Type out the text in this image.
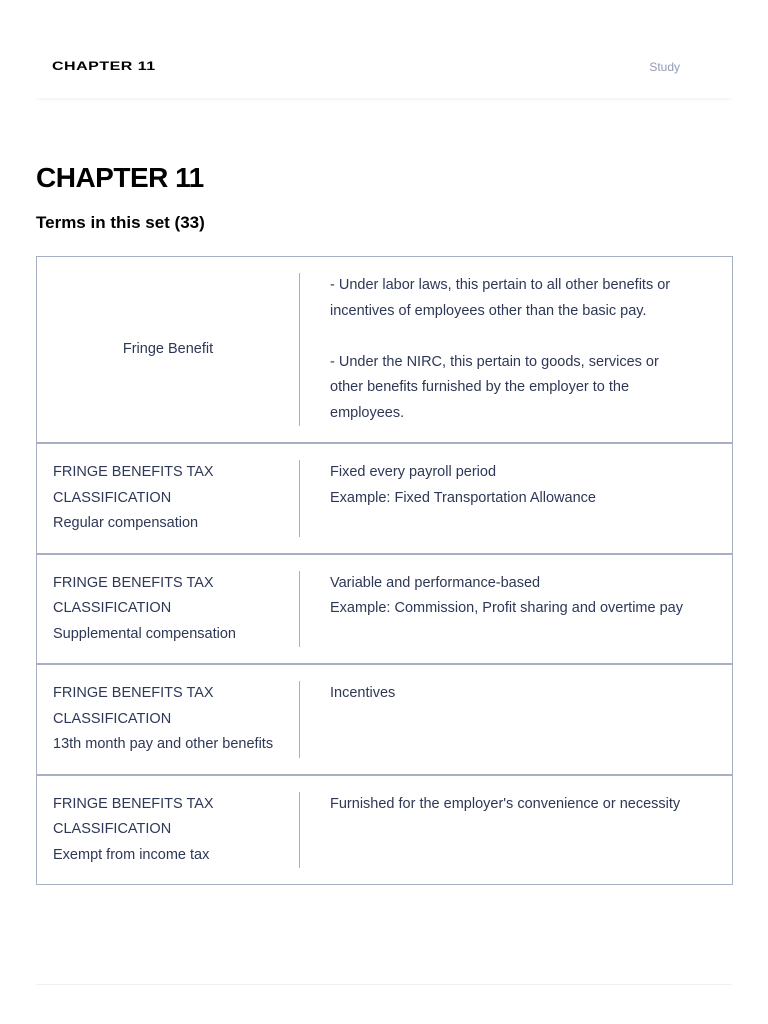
CHAPTER 11	Study
CHAPTER 11
Terms in this set (33)
Fringe Benefit
- Under labor laws, this pertain to all other benefits or incentives of employees other than the basic pay.

- Under the NIRC, this pertain to goods, services or other benefits furnished by the employer to the employees.
FRINGE BENEFITS TAX CLASSIFICATION
Regular compensation
Fixed every payroll period
Example: Fixed Transportation Allowance
FRINGE BENEFITS TAX CLASSIFICATION
Supplemental compensation
Variable and performance-based
Example: Commission, Profit sharing and overtime pay
FRINGE BENEFITS TAX CLASSIFICATION
13th month pay and other benefits
Incentives
FRINGE BENEFITS TAX CLASSIFICATION
Exempt from income tax
Furnished for the employer's convenience or necessity
